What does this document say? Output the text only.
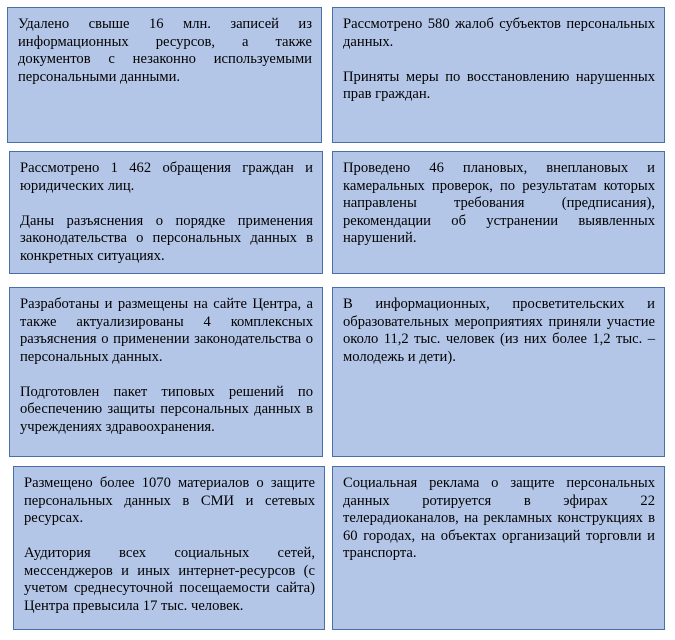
Удалено свыше 16 млн. записей из информационных ресурсов, а также документов с незаконно используемыми персональными данными.

Рассмотрено 580 жалоб субъектов персональных данных.

Приняты меры по восстановлению нарушенных прав граждан.

Рассмотрено 1 462 обращения граждан и юридических лиц.

Даны разъяснения о порядке применения законодательства о персональных данных в конкретных ситуациях.

Проведено 46 плановых, внеплановых и камеральных проверок, по результатам которых направлены требования (предписания), рекомендации об устранении выявленных нарушений.

Разработаны и размещены на сайте Центра, а также актуализированы 4 комплексных разъяснения о применении законодательства о персональных данных.

Подготовлен пакет типовых решений по обеспечению защиты персональных данных в учреждениях здравоохранения.

В информационных, просветительских и образовательных мероприятиях приняли участие около 11,2 тыс. человек (из них более 1,2 тыс. – молодежь и дети).

Размещено более 1070 материалов о защите персональных данных в СМИ и сетевых ресурсах.

Аудитория всех социальных сетей, мессенджеров и иных интернет-ресурсов (с учетом среднесуточной посещаемости сайта) Центра превысила 17 тыс. человек.

Социальная реклама о защите персональных данных ротируется в эфирах 22 телерадиоканалов, на рекламных конструкциях в 60 городах, на объектах организаций торговли и транспорта.
